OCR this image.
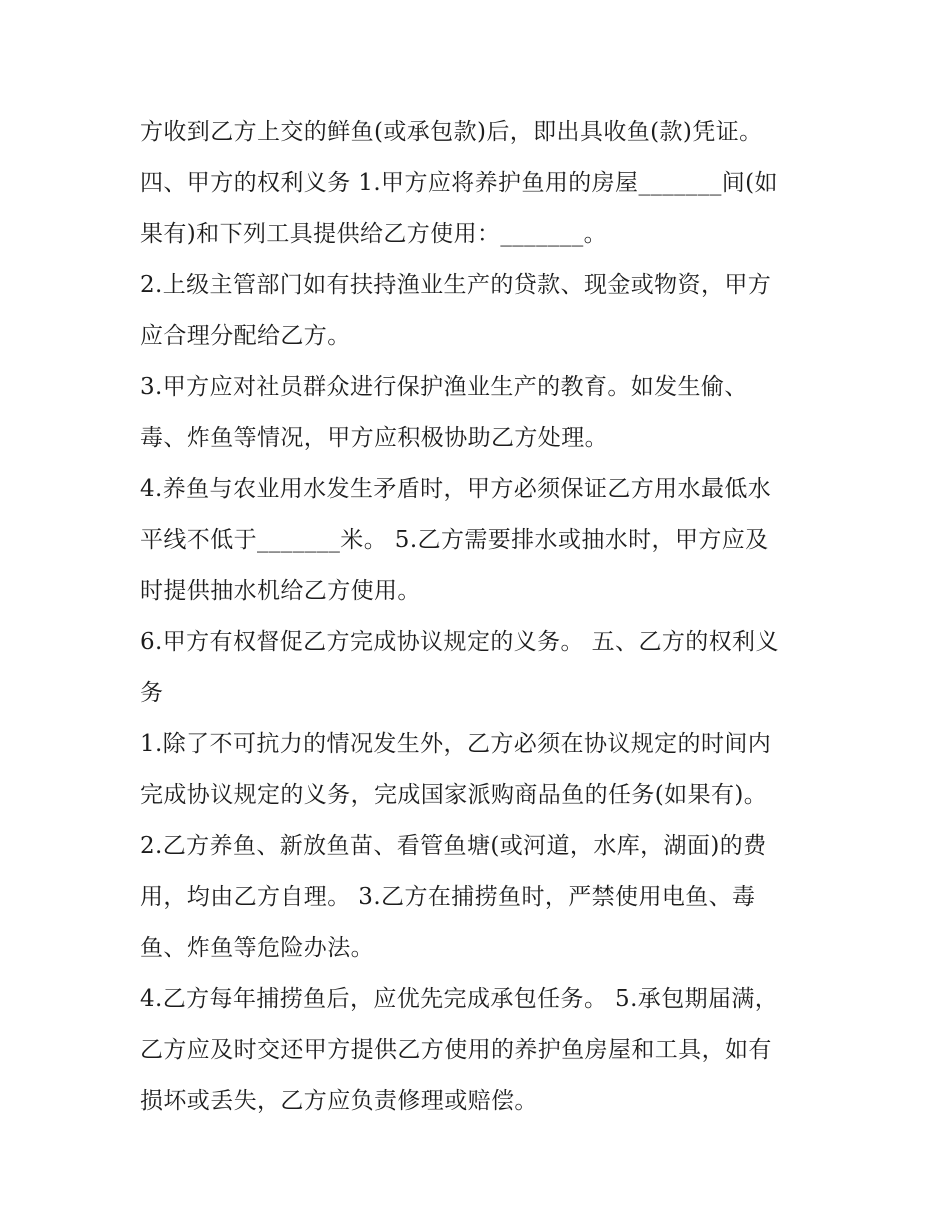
方收到乙方上交的鲜鱼(或承包款)后，即出具收鱼(款)凭证。
四、甲方的权利义务 1.甲方应将养护鱼用的房屋_______间(如
果有)和下列工具提供给乙方使用：_______。
2.上级主管部门如有扶持渔业生产的贷款、现金或物资，甲方
应合理分配给乙方。
3.甲方应对社员群众进行保护渔业生产的教育。如发生偷、
毒、炸鱼等情况，甲方应积极协助乙方处理。
4.养鱼与农业用水发生矛盾时，甲方必须保证乙方用水最低水
平线不低于_______米。 5.乙方需要排水或抽水时，甲方应及
时提供抽水机给乙方使用。
6.甲方有权督促乙方完成协议规定的义务。 五、乙方的权利义
务
1.除了不可抗力的情况发生外，乙方必须在协议规定的时间内
完成协议规定的义务，完成国家派购商品鱼的任务(如果有)。
2.乙方养鱼、新放鱼苗、看管鱼塘(或河道，水库，湖面)的费
用，均由乙方自理。 3.乙方在捕捞鱼时，严禁使用电鱼、毒
鱼、炸鱼等危险办法。
4.乙方每年捕捞鱼后，应优先完成承包任务。 5.承包期届满，
乙方应及时交还甲方提供乙方使用的养护鱼房屋和工具，如有
损坏或丢失，乙方应负责修理或赔偿。
